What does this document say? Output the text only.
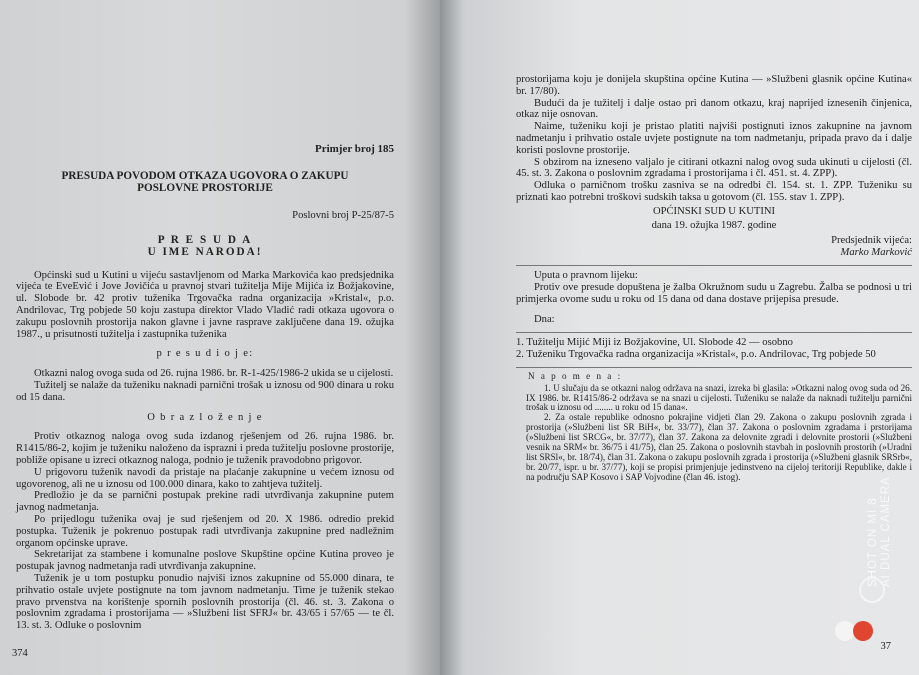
Primjer broj 185
PRESUDA POVODOM OTKAZA UGOVORA O ZAKUPU
POSLOVNE PROSTORIJE
Poslovni broj P-25/87-5
P R E S U D A
U IME NARODA!

Općinski sud u Kutini u vijeću sastavljenom od Marka Markovića kao predsjednika vijeća te EveEvić i Jove Jovičića u pravnoj stvari tužitelja Mije Mijića iz Božjakovine, ul. Slobode br. 42 protiv tuženika Trgovačka radna organizacija »Kristal«, p.o. Andrilovac, Trg pobjede 50 koju zastupa direktor Vlado Vladić radi otkaza ugovora o zakupu poslovnih prostorija nakon glavne i javne rasprave zaključene dana 19. ožujka 1987., u prisutnosti tužitelja i zastupnika tuženika

p r e s u d i o j e:

Otkazni nalog ovoga suda od 26. rujna 1986. br. R-1-425/1986-2 ukida se u cijelosti.

Tužitelj se nalaže da tuženiku naknadi parnični trošak u iznosu od 900 dinara u roku od 15 dana.

O b r a z l o ž e n j e

Protiv otkaznog naloga ovog suda izdanog rješenjem od 26. rujna 1986. br. R1415/86-2, kojim je tuženiku naloženo da isprazni i preda tužitelju poslovne prostorije, pobliže opisane u izreci otkaznog naloga, podnio je tuženik pravodobno prigovor.

U prigovoru tuženik navodi da pristaje na plaćanje zakupnine u većem iznosu od ugovorenog, ali ne u iznosu od 100.000 dinara, kako to zahtjeva tužitelj.

Predložio je da se parnični postupak prekine radi utvrđivanja zakupnine putem javnog nadmetanja.

Po prijedlogu tuženika ovaj je sud rješenjem od 20. X 1986. odredio prekid postupka. Tuženik je pokrenuo postupak radi utvrđivanja zakupnine pred nadležnim organom općinske uprave.

Sekretarijat za stambene i komunalne poslove Skupštine općine Kutina proveo je postupak javnog nadmetanja radi utvrđivanja zakupnine.

Tuženik je u tom postupku ponudio najviši iznos zakupnine od 55.000 dinara, te prihvatio ostale uvjete postignute na tom javnom nadmetanju. Time je tuženik stekao pravo prvenstva na korištenje spornih poslovnih prostorija (čl. 46. st. 3. Zakona o poslovnim zgradama i prostorijama — »Službeni list SFRJ« br. 43/65 i 57/65 — te čl. 13. st. 3. Odluke o poslovnim

374

prostorijama koju je donijela skupština općine Kutina — »Službeni glasnik općine Kutina« br. 17/80).

Budući da je tužitelj i dalje ostao pri danom otkazu, kraj naprijed iznesenih činjenica, otkaz nije osnovan.

Naime, tuženiku koji je pristao platiti najviši postignuti iznos zakupnine na javnom nadmetanju i prihvatio ostale uvjete postignute na tom nadmetanju, pripada pravo da i dalje koristi poslovne prostorije.

S obzirom na izneseno valjalo je citirani otkazni nalog ovog suda ukinuti u cijelosti (čl. 45. st. 3. Zakona o poslovnim zgradama i prostorijama i čl. 451. st. 4. ZPP).

Odluka o parničnom trošku zasniva se na odredbi čl. 154. st. 1. ZPP. Tuženiku su priznati kao potrebni troškovi sudskih taksa u gotovom (čl. 155. stav 1. ZPP).

OPĆINSKI SUD U KUTINI
dana 19. ožujka 1987. godine
Predsjednik vijeća:
Marko Marković

Uputa o pravnom lijeku:

Protiv ove presude dopuštena je žalba Okružnom sudu u Zagrebu. Žalba se podnosi u tri primjerka ovome sudu u roku od 15 dana od dana dostave prijepisa presude.

Dna:

1. Tužitelju Mijić Miji iz Božjakovine, Ul. Slobode 42 — osobno

2. Tuženiku Trgovačka radna organizacija »Kristal«, p.o. Andrilovac, Trg pobjede 50

N a p o m e n a :

1. U slučaju da se otkazni nalog održava na snazi, izreka bi glasila: »Otkazni nalog ovog suda od 26. IX 1986. br. R1415/86-2 održava se na snazi u cijelosti. Tuženiku se nalaže da naknadi tužitelju parnični trošak u iznosu od ........ u roku od 15 dana«.

2. Za ostale republike odnosno pokrajine vidjeti član 29. Zakona o zakupu poslovnih zgrada i prostorija (»Službeni list SR BiH«, br. 33/77), član 37. Zakona o poslovnim zgradama i prstorijama (»Službeni list SRCG«, br. 37/77), član 37. Zakona za delovnite zgradi i delovnite prostorii (»Službeni vesnik na SRM« br. 36/75 i 41/75), član 25. Zakona o poslovnih stavbah in poslovnih prostorih (»Uradni list SRSl«, br. 18/74), član 31. Zakona o zakupu poslovnih zgrada i prostorija (»Službeni glasnik SRSrb«, br. 20/77, ispr. u br. 37/77), koji se propisi primjenjuje jedinstveno na cijeloj teritoriji Republike, dakle i na području SAP Kosovo i SAP Vojvodine (član 46. istog).

37
SHOT ON MI 8 AI DUAL CAMERA
